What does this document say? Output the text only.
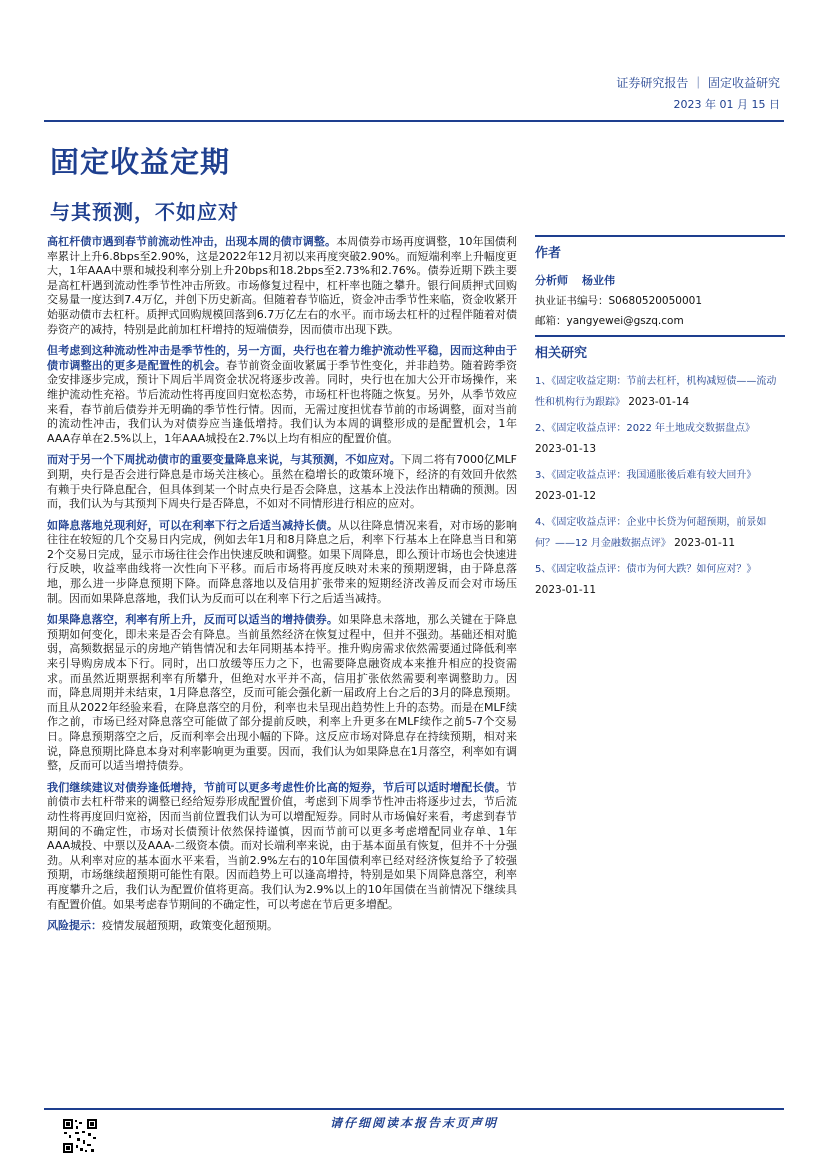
证券研究报告 ｜ 固定收益研究
2023 年 01 月 15 日
固定收益定期
与其预测，不如应对

高杠杆债市遇到春节前流动性冲击，出现本周的债市调整。本周债券市场再度调整，10年国债利率累计上升6.8bps至2.90%，这是2022年12月初以来再度突破2.90%。而短端利率上升幅度更大，1年AAA中票和城投利率分别上升20bps和18.2bps至2.73%和2.76%。债券近期下跌主要是高杠杆遇到流动性季节性冲击所致。市场修复过程中，杠杆率也随之攀升。银行间质押式回购交易量一度达到7.4万亿，并创下历史新高。但随着春节临近，资金冲击季节性来临，资金收紧开始驱动债市去杠杆。质押式回购规模回落到6.7万亿左右的水平。而市场去杠杆的过程伴随着对债券资产的减持，特别是此前加杠杆增持的短端债券，因而债市出现下跌。

但考虑到这种流动性冲击是季节性的，另一方面，央行也在着力维护流动性平稳，因而这种由于债市调整出的更多是配置性的机会。春节前资金面收紧属于季节性变化，并非趋势。随着跨季资金安排逐步完成，预计下周后半周资金状况将逐步改善。同时，央行也在加大公开市场操作，来维护流动性充裕。节后流动性将再度回归宽松态势，市场杠杆也将随之恢复。另外，从季节效应来看，春节前后债券并无明确的季节性行情。因而，无需过度担忧春节前的市场调整，面对当前的流动性冲击，我们认为对债券应当逢低增持。我们认为本周的调整形成的是配置机会，1年AAA存单在2.5%以上，1年AAA城投在2.7%以上均有相应的配置价值。

而对于另一个下周扰动债市的重要变量降息来说，与其预测，不如应对。下周二将有7000亿MLF到期，央行是否会进行降息是市场关注核心。虽然在稳增长的政策环境下，经济的有效回升依然有赖于央行降息配合，但具体到某一个时点央行是否会降息，这基本上没法作出精确的预测。因而，我们认为与其预判下周央行是否降息，不如对不同情形进行相应的应对。

如降息落地兑现利好，可以在利率下行之后适当减持长债。从以往降息情况来看，对市场的影响往往在较短的几个交易日内完成，例如去年1月和8月降息之后，利率下行基本上在降息当日和第2个交易日完成，显示市场往往会作出快速反映和调整。如果下周降息，即么预计市场也会快速进行反映，收益率曲线将一次性向下平移。而后市场将再度反映对未来的预期逻辑，由于降息落地，那么进一步降息预期下降。而降息落地以及信用扩张带来的短期经济改善反而会对市场压制。因而如果降息落地，我们认为反而可以在利率下行之后适当减持。

如果降息落空，利率有所上升，反而可以适当的增持债券。如果降息未落地，那么关键在于降息预期如何变化，即未来是否会有降息。当前虽然经济在恢复过程中，但并不强劲。基础还相对脆弱，高频数据显示的房地产销售情况和去年同期基本持平。推升购房需求依然需要通过降低利率来引导购房成本下行。同时，出口放缓等压力之下，也需要降息融资成本来推升相应的投资需求。而虽然近期票据利率有所攀升，但绝对水平并不高，信用扩张依然需要利率调整助力。因而，降息周期并未结束，1月降息落空，反而可能会强化新一届政府上台之后的3月的降息预期。而且从2022年经验来看，在降息落空的月份，利率也未呈现出趋势性上升的态势。而是在MLF续作之前，市场已经对降息落空可能做了部分提前反映，利率上升更多在MLF续作之前5-7个交易日。降息预期落空之后，反而利率会出现小幅的下降。这反应市场对降息存在持续预期，相对来说，降息预期比降息本身对利率影响更为重要。因而，我们认为如果降息在1月落空，利率如有调整，反而可以适当增持债券。

我们继续建议对债券逢低增持，节前可以更多考虑性价比高的短券，节后可以适时增配长债。节前债市去杠杆带来的调整已经给短券形成配置价值，考虑到下周季节性冲击将逐步过去，节后流动性将再度回归宽裕，因而当前位置我们认为可以增配短券。同时从市场偏好来看，考虑到春节期间的不确定性，市场对长债预计依然保持谨慎，因而节前可以更多考虑增配同业存单、1年AAA城投、中票以及AAA-二级资本债。而对长端利率来说，由于基本面虽有恢复，但并不十分强劲。从利率对应的基本面水平来看，当前2.9%左右的10年国债利率已经对经济恢复给予了较强预期，市场继续超预期可能性有限。因而趋势上可以逢高增持，特别是如果下周降息落空，利率再度攀升之后，我们认为配置价值将更高。我们认为2.9%以上的10年国债在当前情况下继续具有配置价值。如果考虑春节期间的不确定性，可以考虑在节后更多增配。

风险提示：疫情发展超预期，政策变化超预期。

作者
分析师 杨业伟
执业证书编号：S0680520050001
邮箱：yangyewei@gszq.com
相关研究
1、《固定收益定期：节前去杠杆，机构减短债——流动性和机构行为跟踪》 2023-01-14
2、《固定收益点评：2022 年土地成交数据盘点》
2023-01-13
3、《固定收益点评：我国通胀後后难有较大回升》
2023-01-12
4、《固定收益点评：企业中长贷为何超预期，前景如何？——12 月金融数据点评》 2023-01-11
5、《固定收益点评：债市为何大跌？如何应对？》
2023-01-11
请仔细阅读本报告末页声明
